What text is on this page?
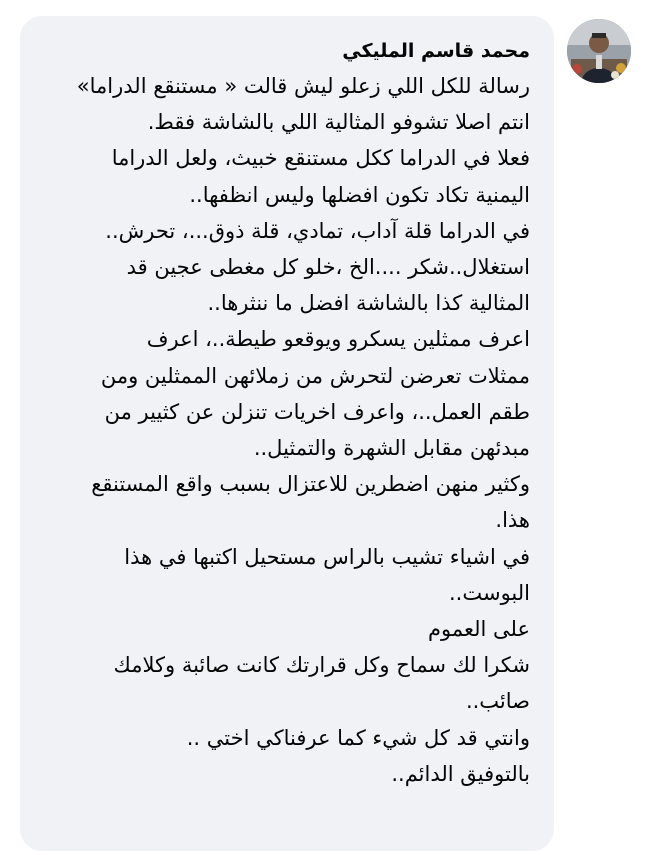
محمد قاسم المليكي
رسالة للكل اللي زعلو ليش قالت « مستنقع الدراما»
انتم اصلا تشوفو المثالية اللي بالشاشة فقط.
فعلا في الدراما ككل مستنقع خبيث، ولعل الدراما
اليمنية تكاد تكون افضلها وليس انظفها..
في الدراما قلة آداب، تمادي، قلة ذوق...، تحرش..
استغلال..شكر ....الخ ،خلو كل مغطى عجين قد
المثالية كذا بالشاشة افضل ما ننثرها..
اعرف ممثلين يسكرو ويوقعو طيطة..، اعرف
ممثلات تعرضن لتحرش من زملائهن الممثلين ومن
طقم العمل..، واعرف اخريات تنزلن عن كثيير من
مبدئهن مقابل الشهرة والتمثيل..
وكثير منهن اضطرين للاعتزال بسبب واقع المستنقع
هذا.
في اشياء تشيب بالراس مستحيل اكتبها في هذا
البوست..
على العموم
شكرا لك سماح وكل قرارتك كانت صائبة وكلامك
صائب..
وانتي قد كل شيء كما عرفناكي اختي ..
بالتوفيق الدائم..
